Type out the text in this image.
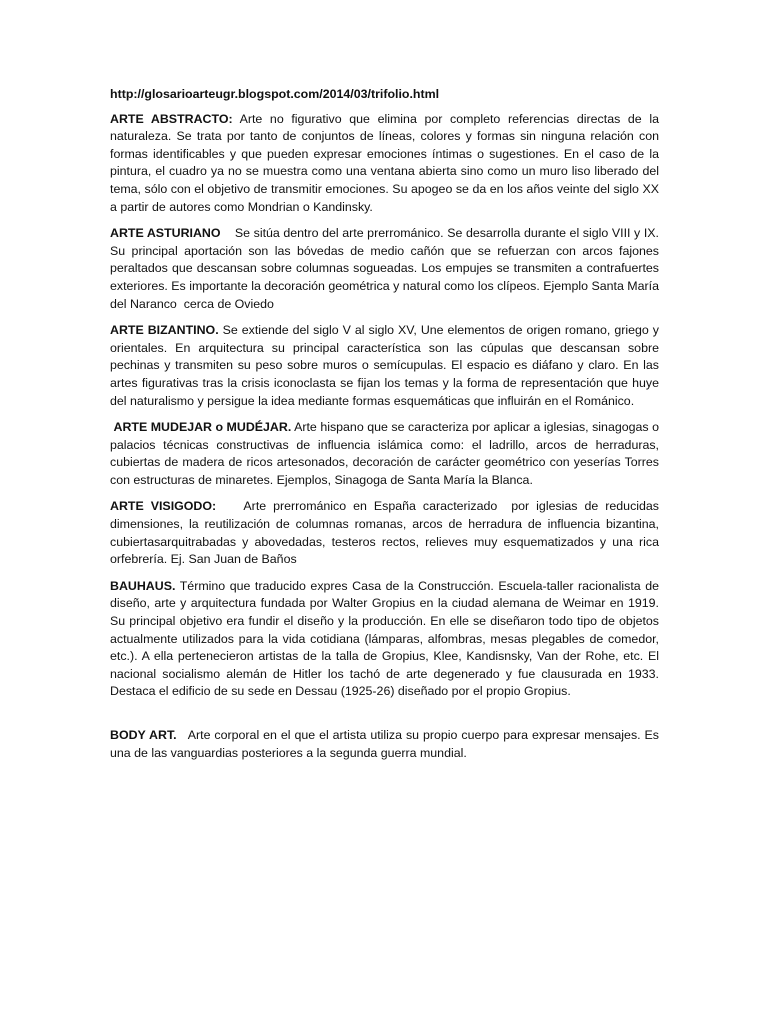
http://glosarioarteugr.blogspot.com/2014/03/trifolio.html

ARTE ABSTRACTO: Arte no figurativo que elimina por completo referencias directas de la naturaleza. Se trata por tanto de conjuntos de líneas, colores y formas sin ninguna relación con formas identificables y que pueden expresar emociones íntimas o sugestiones. En el caso de la pintura, el cuadro ya no se muestra como una ventana abierta sino como un muro liso liberado del tema, sólo con el objetivo de transmitir emociones. Su apogeo se da en los años veinte del siglo XX a partir de autores como Mondrian o Kandinsky.

ARTE ASTURIANO    Se sitúa dentro del arte prerrománico. Se desarrolla durante el siglo VIII y IX. Su principal aportación son las bóvedas de medio cañón que se refuerzan con arcos fajones peraltados que descansan sobre columnas sogueadas. Los empujes se transmiten a contrafuertes exteriores. Es importante la decoración geométrica y natural como los clípeos. Ejemplo Santa María del Naranco  cerca de Oviedo

ARTE BIZANTINO. Se extiende del siglo V al siglo XV, Une elementos de origen romano, griego y orientales. En arquitectura su principal característica son las cúpulas que descansan sobre pechinas y transmiten su peso sobre muros o semícupulas. El espacio es diáfano y claro. En las artes figurativas tras la crisis iconoclasta se fijan los temas y la forma de representación que huye del naturalismo y persigue la idea mediante formas esquemáticas que influirán en el Románico.

ARTE MUDEJAR o MUDÉJAR. Arte hispano que se caracteriza por aplicar a iglesias, sinagogas o palacios técnicas constructivas de influencia islámica como: el ladrillo, arcos de herraduras, cubiertas de madera de ricos artesonados, decoración de carácter geométrico con yeserías Torres con estructuras de minaretes. Ejemplos, Sinagoga de Santa María la Blanca.

ARTE VISIGODO:    Arte prerrománico en España caracterizado  por iglesias de reducidas dimensiones, la reutilización de columnas romanas, arcos de herradura de influencia bizantina, cubiertasarquitrabadas y abovedadas, testeros rectos, relieves muy esquematizados y una rica orfebrería. Ej. San Juan de Baños

BAUHAUS. Término que traducido expres Casa de la Construcción. Escuela-taller racionalista de diseño, arte y arquitectura fundada por Walter Gropius en la ciudad alemana de Weimar en 1919. Su principal objetivo era fundir el diseño y la producción. En elle se diseñaron todo tipo de objetos actualmente utilizados para la vida cotidiana (lámparas, alfombras, mesas plegables de comedor, etc.). A ella pertenecieron artistas de la talla de Gropius, Klee, Kandisnsky, Van der Rohe, etc. El nacional socialismo alemán de Hitler los tachó de arte degenerado y fue clausurada en 1933. Destaca el edificio de su sede en Dessau (1925-26) diseñado por el propio Gropius.

BODY ART.   Arte corporal en el que el artista utiliza su propio cuerpo para expresar mensajes. Es una de las vanguardias posteriores a la segunda guerra mundial.
